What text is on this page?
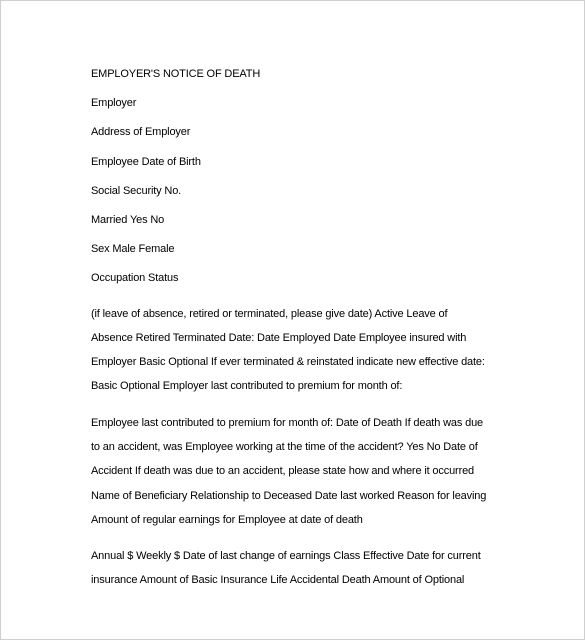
EMPLOYER'S NOTICE OF DEATH
Employer
Address of Employer
Employee Date of Birth
Social Security No.
Married Yes No
Sex Male Female
Occupation Status
(if leave of absence, retired or terminated, please give date) Active Leave of
Absence Retired Terminated Date: Date Employed Date Employee insured with
Employer Basic Optional If ever terminated & reinstated indicate new effective date:
Basic Optional Employer last contributed to premium for month of:
Employee last contributed to premium for month of: Date of Death If death was due
to an accident, was Employee working at the time of the accident? Yes No Date of
Accident If death was due to an accident, please state how and where it occurred
Name of Beneficiary Relationship to Deceased Date last worked Reason for leaving
Amount of regular earnings for Employee at date of death
Annual $ Weekly $ Date of last change of earnings Class Effective Date for current
insurance Amount of Basic Insurance Life Accidental Death Amount of Optional
